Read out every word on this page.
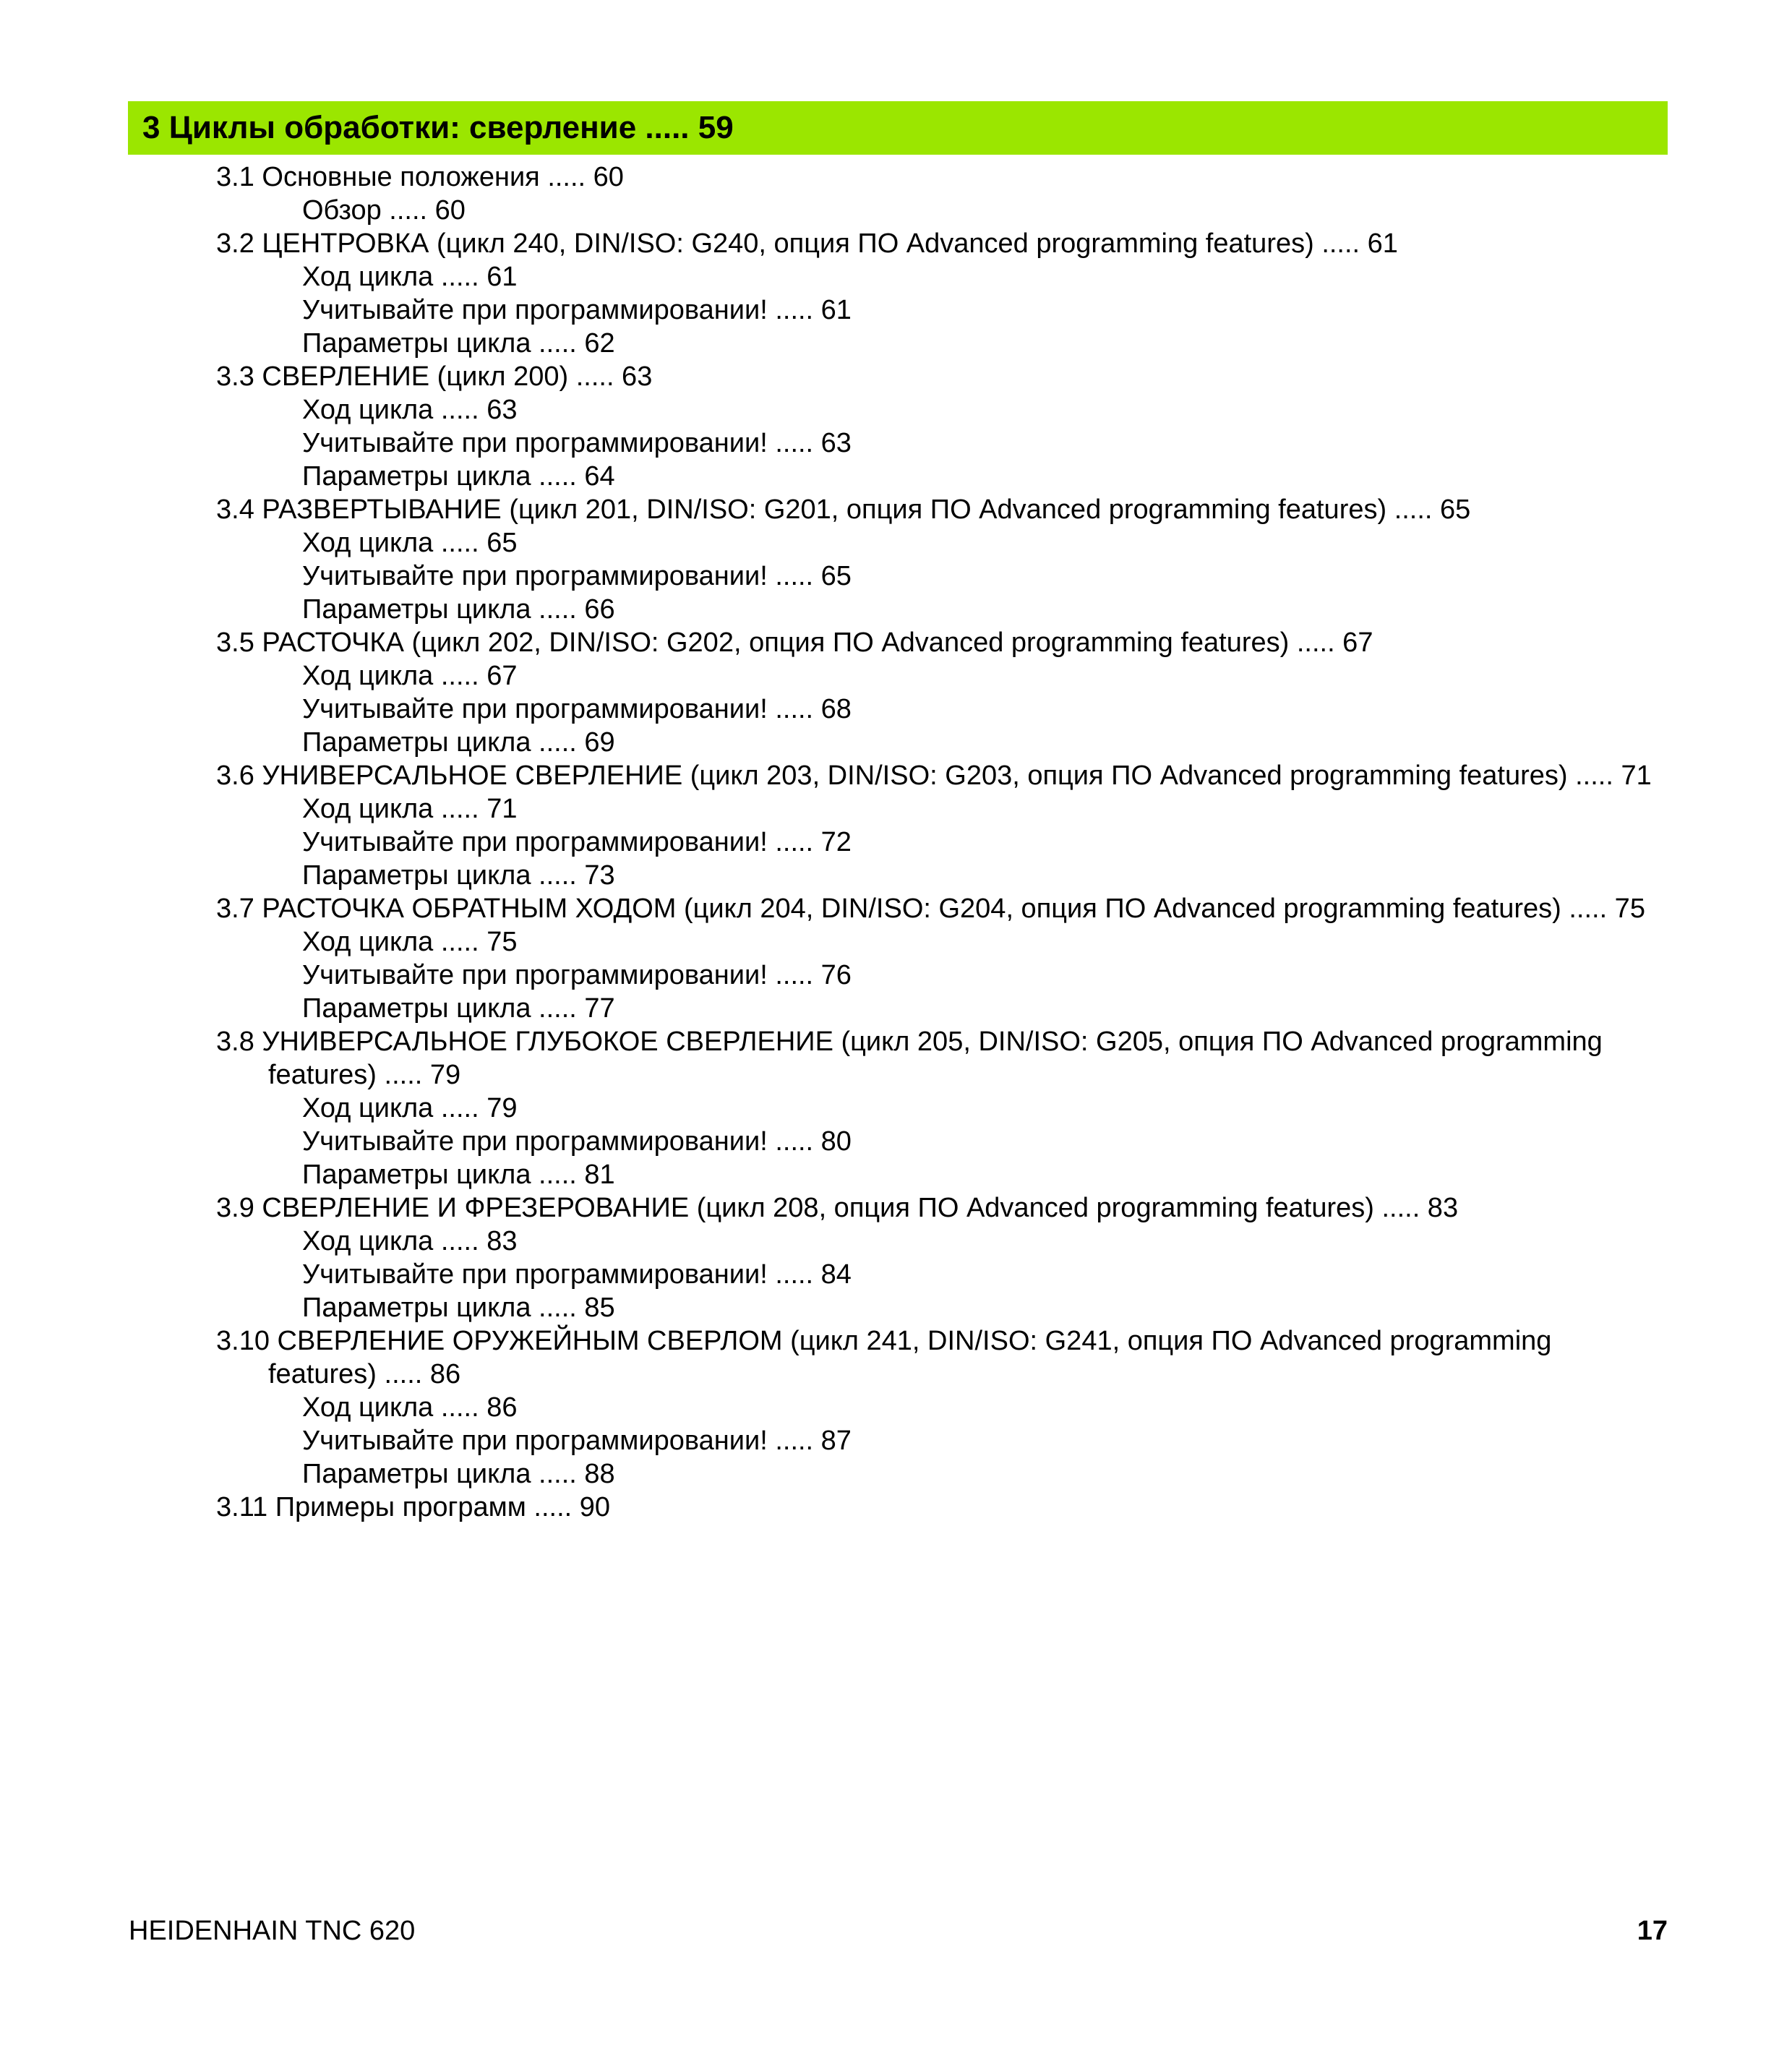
3 Циклы обработки: сверление ..... 59
3.1 Основные положения ..... 60
Обзор ..... 60
3.2 ЦЕНТРОВКА (цикл 240, DIN/ISO: G240, опция ПО Advanced programming features) ..... 61
Ход цикла ..... 61
Учитывайте при программировании! ..... 61
Параметры цикла ..... 62
3.3 СВЕРЛЕНИЕ (цикл 200) ..... 63
Ход цикла ..... 63
Учитывайте при программировании! ..... 63
Параметры цикла ..... 64
3.4 РАЗВЕРТЫВАНИЕ (цикл 201, DIN/ISO: G201, опция ПО Advanced programming features) ..... 65
Ход цикла ..... 65
Учитывайте при программировании! ..... 65
Параметры цикла ..... 66
3.5 РАСТОЧКА (цикл 202, DIN/ISO: G202, опция ПО Advanced programming features) ..... 67
Ход цикла ..... 67
Учитывайте при программировании! ..... 68
Параметры цикла ..... 69
3.6 УНИВЕРСАЛЬНОЕ СВЕРЛЕНИЕ (цикл 203, DIN/ISO: G203, опция ПО Advanced programming features) ..... 71
Ход цикла ..... 71
Учитывайте при программировании! ..... 72
Параметры цикла ..... 73
3.7 РАСТОЧКА ОБРАТНЫМ ХОДОМ (цикл 204, DIN/ISO: G204, опция ПО Advanced programming features) ..... 75
Ход цикла ..... 75
Учитывайте при программировании! ..... 76
Параметры цикла ..... 77
3.8 УНИВЕРСАЛЬНОЕ ГЛУБОКОЕ СВЕРЛЕНИЕ (цикл 205, DIN/ISO: G205, опция ПО Advanced programming
features) ..... 79
Ход цикла ..... 79
Учитывайте при программировании! ..... 80
Параметры цикла ..... 81
3.9 СВЕРЛЕНИЕ И ФРЕЗЕРОВАНИЕ (цикл 208, опция ПО Advanced programming features) ..... 83
Ход цикла ..... 83
Учитывайте при программировании! ..... 84
Параметры цикла ..... 85
3.10 СВЕРЛЕНИЕ ОРУЖЕЙНЫМ СВЕРЛОМ (цикл 241, DIN/ISO: G241, опция ПО Advanced programming
features) ..... 86
Ход цикла ..... 86
Учитывайте при программировании! ..... 87
Параметры цикла ..... 88
3.11 Примеры программ ..... 90
HEIDENHAIN TNC 620	17
